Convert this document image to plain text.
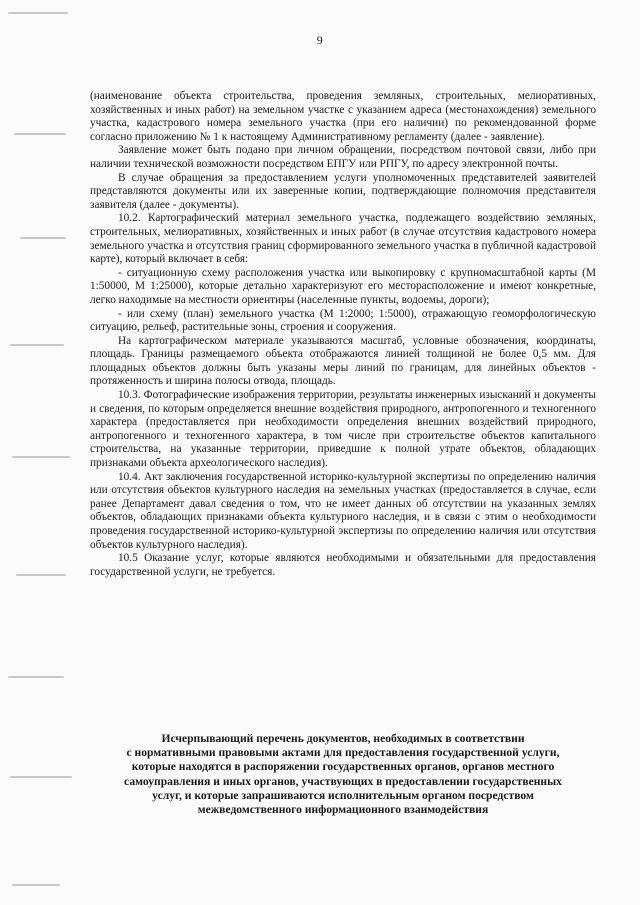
9

(наименование объекта строительства, проведения земляных, строительных, мелиоративных, хозяйственных и иных работ) на земельном участке с указанием адреса (местонахождения) земельного участка, кадастрового номера земельного участка (при его наличии) по рекомендованной форме согласно приложению № 1 к настоящему Административному регламенту (далее - заявление).

Заявление может быть подано при личном обращении, посредством почтовой связи, либо при наличии технической возможности посредством ЕПГУ или РПГУ, по адресу электронной почты.

В случае обращения за предоставлением услуги уполномоченных представителей заявителей представляются документы или их заверенные копии, подтверждающие полномочия представителя заявителя (далее - документы).

10.2. Картографический материал земельного участка, подлежащего воздействию земляных, строительных, мелиоративных, хозяйственных и иных работ (в случае отсутствия кадастрового номера земельного участка и отсутствия границ сформированного земельного участка в публичной кадастровой карте), который включает в себя:

- ситуационную схему расположения участка или выкопировку с крупномасштабной карты (М 1:50000, М 1:25000), которые детально характеризуют его месторасположение и имеют конкретные, легко находимые на местности ориентиры (населенные пункты, водоемы, дороги);

- или схему (план) земельного участка (М 1:2000; 1:5000), отражающую геоморфологическую ситуацию, рельеф, растительные зоны, строения и сооружения.

На картографическом материале указываются масштаб, условные обозначения, координаты, площадь. Границы размещаемого объекта отображаются линией толщиной не более 0,5 мм. Для площадных объектов должны быть указаны меры линий по границам, для линейных объектов - протяженность и ширина полосы отвода, площадь.

10.3. Фотографические изображения территории, результаты инженерных изысканий и документы и сведения, по которым определяется внешние воздействия природного, антропогенного и техногенного характера (предоставляется при необходимости определения внешних воздействий природного, антропогенного и техногенного характера, в том числе при строительстве объектов капитального строительства, на указанные территории, приведшие к полной утрате объектов, обладающих признаками объекта археологического наследия).

10.4. Акт заключения государственной историко-культурной экспертизы по определению наличия или отсутствия объектов культурного наследия на земельных участках (предоставляется в случае, если ранее Департамент давал сведения о том, что не имеет данных об отсутствии на указанных землях объектов, обладающих признаками объекта культурного наследия, и в связи с этим о необходимости проведения государственной историко-культурной экспертизы по определению наличия или отсутствия объектов культурного наследия).

10.5 Оказание услуг, которые являются необходимыми и обязательными для предоставления государственной услуги, не требуется.

Исчерпывающий перечень документов, необходимых в соответствии
с нормативными правовыми актами для предоставления государственной услуги,
которые находятся в распоряжении государственных органов, органов местного
самоуправления и иных органов, участвующих в предоставлении государственных
услуг, и которые запрашиваются исполнительным органом посредством
межведомственного информационного взаимодействия
